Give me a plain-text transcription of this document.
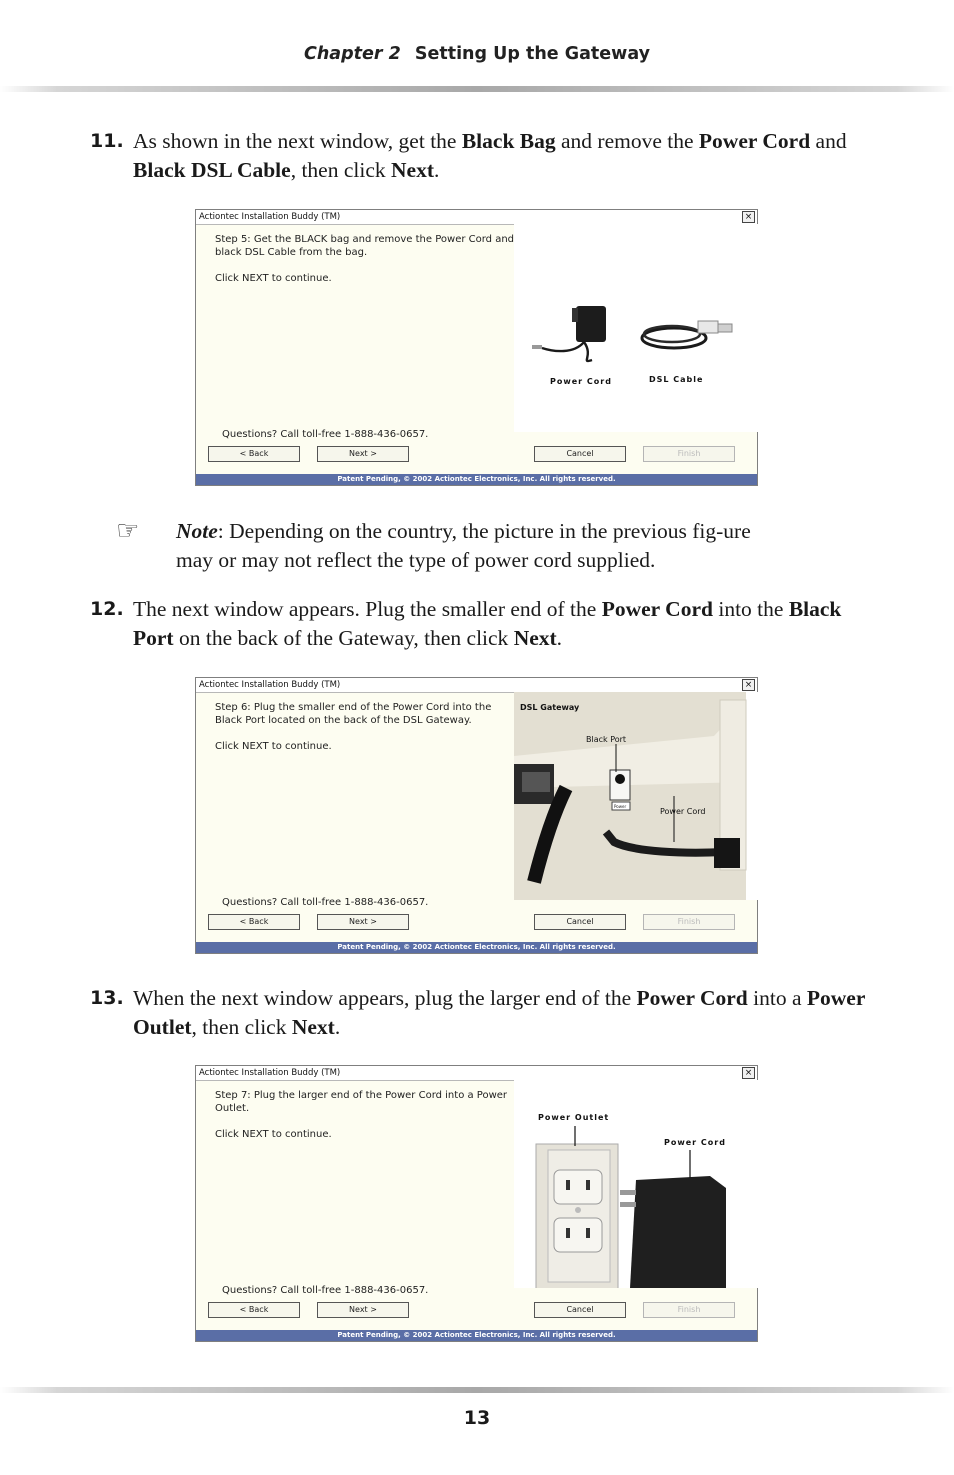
Chapter 2 Setting Up the Gateway
11. As shown in the next window, get the Black Bag and remove the Power Cord and Black DSL Cable, then click Next.
Actiontec Installation Buddy (TM)	×
Step 5: Get the BLACK bag and remove the Power Cord and black DSL Cable from the bag.
Click NEXT to continue.
Power Cord	DSL Cable
Questions? Call toll-free 1-888-436-0657.
< Back	Next >	Cancel	Finish
Patent Pending, © 2002 Actiontec Electronics, Inc. All rights reserved.
☞ Note: Depending on the country, the picture in the previous fig-ure may or may not reflect the type of power cord supplied.
12. The next window appears. Plug the smaller end of the Power Cord into the Black Port on the back of the Gateway, then click Next.
Actiontec Installation Buddy (TM)	×
Step 6: Plug the smaller end of the Power Cord into the Black Port located on the back of the DSL Gateway.
Click NEXT to continue.
Power
DSL Gateway
Black Port
Power Cord
Questions? Call toll-free 1-888-436-0657.
< Back	Next >	Cancel	Finish
Patent Pending, © 2002 Actiontec Electronics, Inc. All rights reserved.
13. When the next window appears, plug the larger end of the Power Cord into a Power Outlet, then click Next.
Actiontec Installation Buddy (TM)	×
Step 7: Plug the larger end of the Power Cord into a Power Outlet.
Click NEXT to continue.
Power Outlet
Power Cord
Questions? Call toll-free 1-888-436-0657.
< Back	Next >	Cancel	Finish
Patent Pending, © 2002 Actiontec Electronics, Inc. All rights reserved.
13
